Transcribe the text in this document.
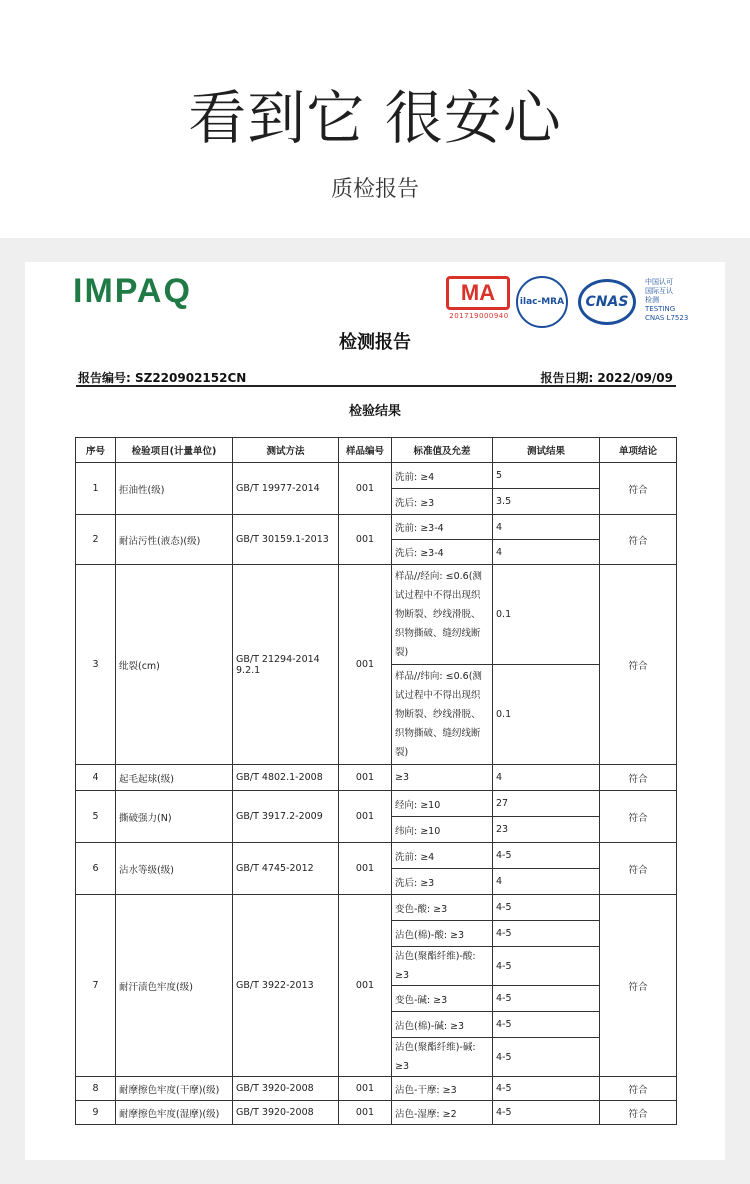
看到它 很安心
质检报告
IMPAQ	MA
201719000940
ilac-MRA	CNAS
中国认可
国际互认
检测
TESTING
CNAS L7523
检测报告
报告编号: SZ220902152CN	报告日期: 2022/09/09
检验结果
序号	检验项目(计量单位)	测试方法	样品编号	标准值及允差	测试结果	单项结论
1	拒油性(级)	GB/T 19977-2014	001	洗前: ≥4	5	符合
				洗后: ≥3	3.5	
2	耐沾污性(液态)(级)	GB/T 30159.1-2013	001	洗前: ≥3-4	4	符合
				洗后: ≥3-4	4	
3	纰裂(cm)	GB/T 21294-2014 9.2.1	001	样品//经向: ≤0.6(测试过程中不得出现织物断裂、纱线滑脱、织物撕破、缝纫线断裂)	0.1	符合
				样品//纬向: ≤0.6(测试过程中不得出现织物断裂、纱线滑脱、织物撕破、缝纫线断裂)	0.1	
4	起毛起球(级)	GB/T 4802.1-2008	001	≥3	4	符合
5	撕破强力(N)	GB/T 3917.2-2009	001	经向: ≥10	27	符合
				纬向: ≥10	23	
6	沾水等级(级)	GB/T 4745-2012	001	洗前: ≥4	4-5	符合
				洗后: ≥3	4	
7	耐汗渍色牢度(级)	GB/T 3922-2013	001	变色-酸: ≥3	4-5	符合
				沾色(棉)-酸: ≥3	4-5	
				沾色(聚酯纤维)-酸: ≥3	4-5	
				变色-碱: ≥3	4-5	
				沾色(棉)-碱: ≥3	4-5	
				沾色(聚酯纤维)-碱: ≥3	4-5	
8	耐摩擦色牢度(干摩)(级)	GB/T 3920-2008	001	沾色-干摩: ≥3	4-5	符合
9	耐摩擦色牢度(湿摩)(级)	GB/T 3920-2008	001	沾色-湿摩: ≥2	4-5	符合
